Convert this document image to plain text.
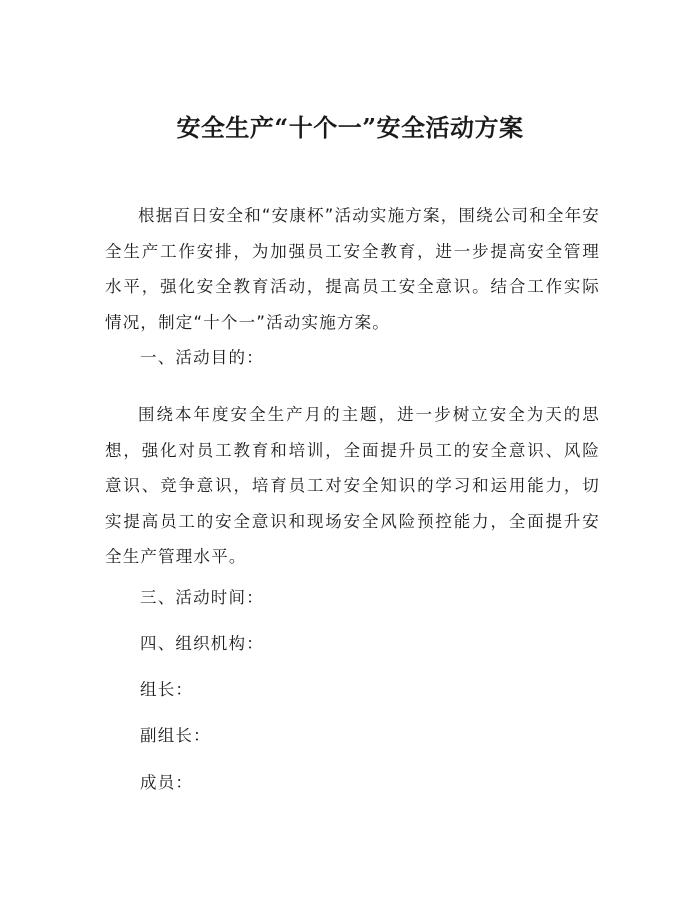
安全生产“十个一”安全活动方案

根据百日安全和“安康杯”活动实施方案，围绕公司和全年安全生产工作安排，为加强员工安全教育，进一步提高安全管理水平，强化安全教育活动，提高员工安全意识。结合工作实际情况，制定“十个一”活动实施方案。

一、活动目的：

围绕本年度安全生产月的主题，进一步树立安全为天的思想，强化对员工教育和培训，全面提升员工的安全意识、风险意识、竞争意识，培育员工对安全知识的学习和运用能力，切实提高员工的安全意识和现场安全风险预控能力，全面提升安全生产管理水平。

三、活动时间：

四、组织机构：

组长：

副组长：

成员：
